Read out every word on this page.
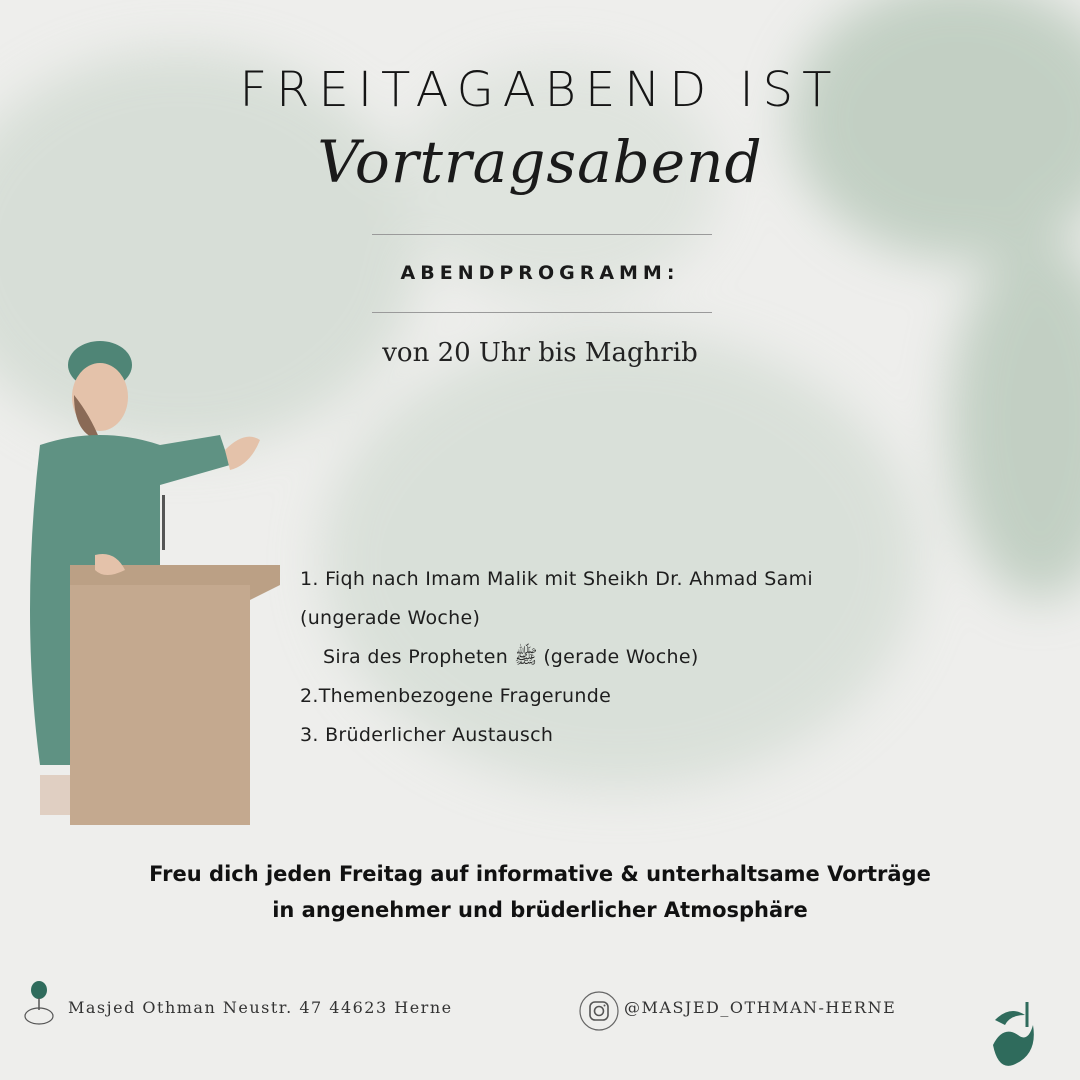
FREITAGABEND IST
Vortragsabend
ABENDPROGRAMM:
von 20 Uhr bis Maghrib
1. Fiqh nach Imam Malik mit Sheikh Dr. Ahmad Sami
(ungerade Woche)
Sira des Propheten ﷺ (gerade Woche)
2.Themenbezogene Fragerunde
3. Brüderlicher Austausch
Freu dich jeden Freitag auf informative & unterhaltsame Vorträge
in angenehmer und brüderlicher Atmosphäre
Masjed Othman Neustr. 47 44623 Herne	@MASJED_OTHMAN-HERNE
